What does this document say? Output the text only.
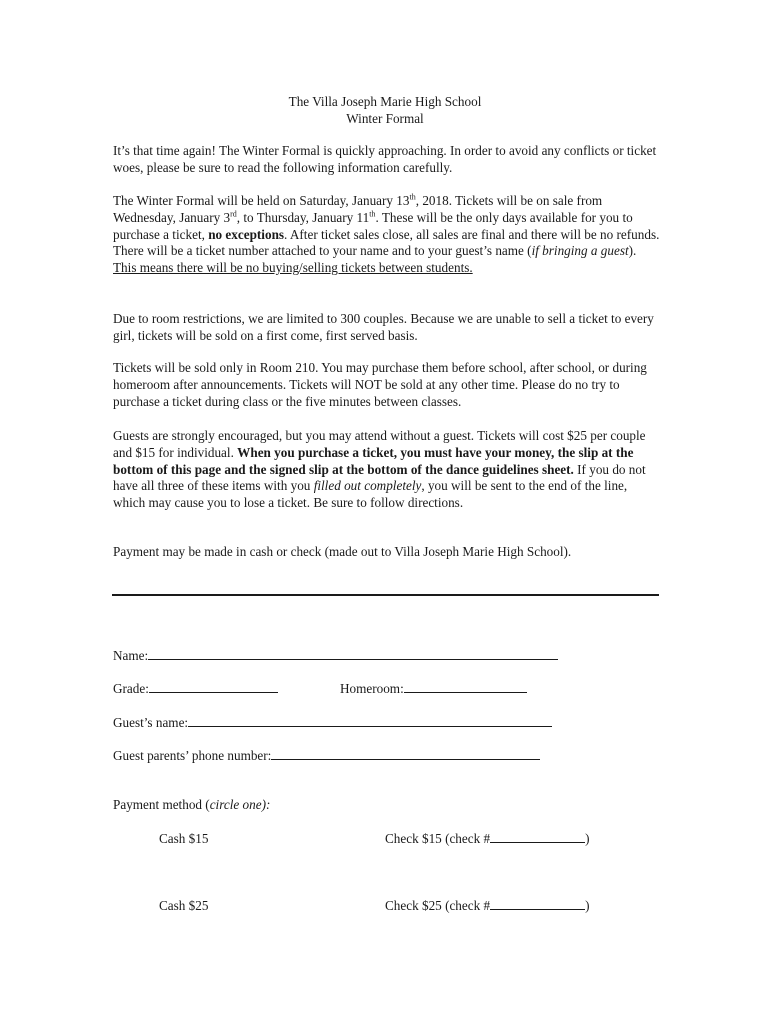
The Villa Joseph Marie High School
Winter Formal
It’s that time again! The Winter Formal is quickly approaching. In order to avoid any conflicts or ticket woes, please be sure to read the following information carefully.
The Winter Formal will be held on Saturday, January 13th, 2018. Tickets will be on sale from Wednesday, January 3rd, to Thursday, January 11th. These will be the only days available for you to purchase a ticket, no exceptions. After ticket sales close, all sales are final and there will be no refunds. There will be a ticket number attached to your name and to your guest’s name (if bringing a guest). This means there will be no buying/selling tickets between students.
Due to room restrictions, we are limited to 300 couples. Because we are unable to sell a ticket to every girl, tickets will be sold on a first come, first served basis.
Tickets will be sold only in Room 210. You may purchase them before school, after school, or during homeroom after announcements. Tickets will NOT be sold at any other time. Please do no try to purchase a ticket during class or the five minutes between classes.
Guests are strongly encouraged, but you may attend without a guest. Tickets will cost $25 per couple and $15 for individual. When you purchase a ticket, you must have your money, the slip at the bottom of this page and the signed slip at the bottom of the dance guidelines sheet. If you do not have all three of these items with you filled out completely, you will be sent to the end of the line, which may cause you to lose a ticket. Be sure to follow directions.
Payment may be made in cash or check (made out to Villa Joseph Marie High School).
Name:
Grade:	Homeroom:
Guest’s name:
Guest parents’ phone number:
Payment method (circle one):
Cash $15	Check $15 (check #	)
Cash $25	Check $25 (check #	)
